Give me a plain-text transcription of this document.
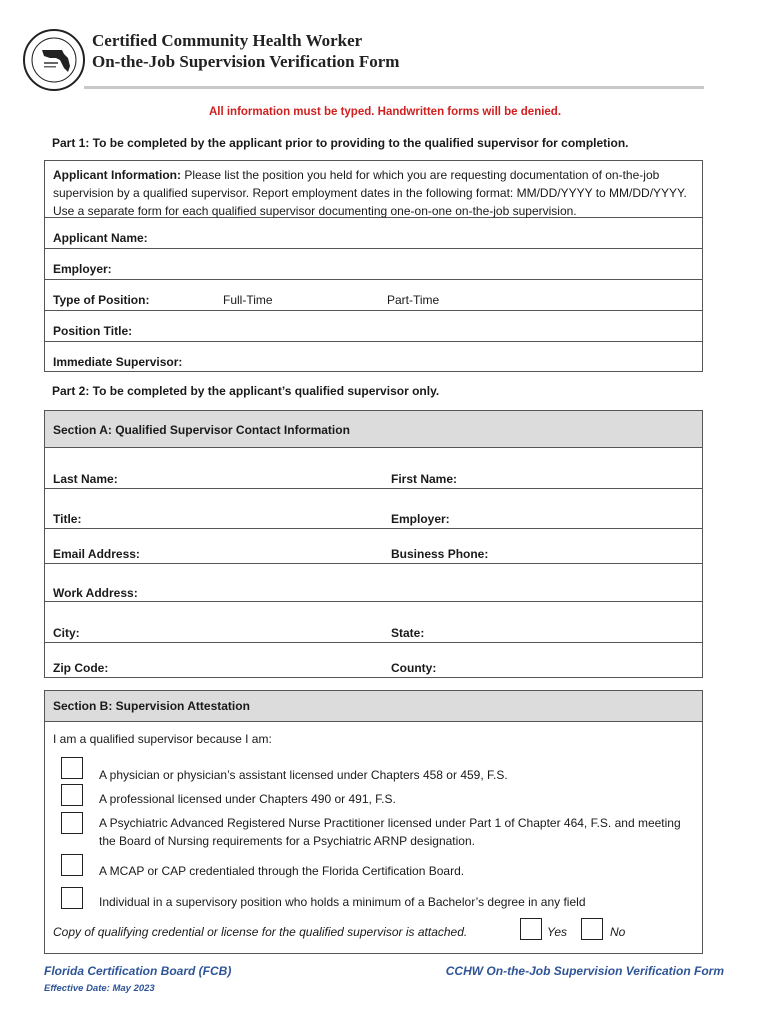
Certified Community Health Worker
On-the-Job Supervision Verification Form
All information must be typed. Handwritten forms will be denied.
Part 1: To be completed by the applicant prior to providing to the qualified supervisor for completion.
Applicant Information: Please list the position you held for which you are requesting documentation of on-the-job supervision by a qualified supervisor. Report employment dates in the following format: MM/DD/YYYY to MM/DD/YYYY. Use a separate form for each qualified supervisor documenting one-on-one on-the-job supervision.
Applicant Name:
Employer:
Type of Position:	Full-Time	Part-Time
Position Title:
Immediate Supervisor:
Part 2: To be completed by the applicant’s qualified supervisor only.
Section A: Qualified Supervisor Contact Information
Last Name:	First Name:
Title:	Employer:
Email Address:	Business Phone:
Work Address:
City:	State:
Zip Code:	County:
Section B: Supervision Attestation
I am a qualified supervisor because I am:
A physician or physician’s assistant licensed under Chapters 458 or 459, F.S.
A professional licensed under Chapters 490 or 491, F.S.
A Psychiatric Advanced Registered Nurse Practitioner licensed under Part 1 of Chapter 464, F.S. and meeting the Board of Nursing requirements for a Psychiatric ARNP designation.
A MCAP or CAP credentialed through the Florida Certification Board.
Individual in a supervisory position who holds a minimum of a Bachelor’s degree in any field
Copy of qualifying credential or license for the qualified supervisor is attached.	Yes	No
Florida Certification Board (FCB)	CCHW On-the-Job Supervision Verification Form
Effective Date: May 2023
